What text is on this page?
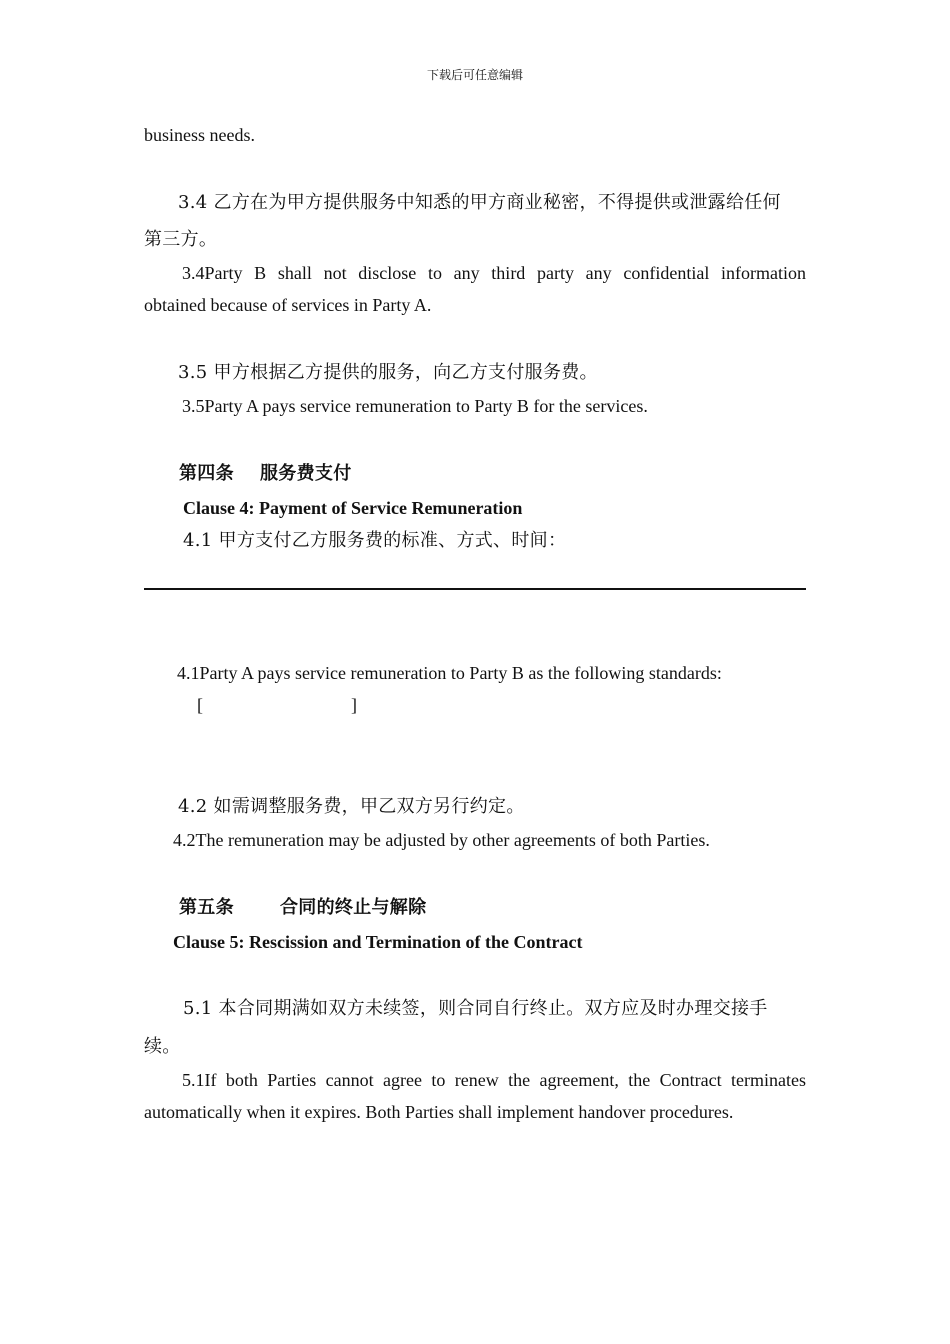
下载后可任意编辑
business needs.
3.4 乙方在为甲方提供服务中知悉的甲方商业秘密，不得提供或泄露给任何
第三方。
3.4Party B shall not disclose to any third party any confidential information
obtained because of services in Party A.
3.5 甲方根据乙方提供的服务，向乙方支付服务费。
3.5Party A pays service remuneration to Party B for the services.
第四条 服务费支付
Clause 4: Payment of Service Remuneration
4.1 甲方支付乙方服务费的标准、方式、时间：
4.1Party A pays service remuneration to Party B as the following standards:
[	]
4.2 如需调整服务费，甲乙双方另行约定。
4.2The remuneration may be adjusted by other agreements of both Parties.
第五条	合同的终止与解除
Clause 5: Rescission and Termination of the Contract
5.1 本合同期满如双方未续签，则合同自行终止。双方应及时办理交接手
续。
5.1If both Parties cannot agree to renew the agreement, the Contract terminates
automatically when it expires. Both Parties shall implement handover procedures.
